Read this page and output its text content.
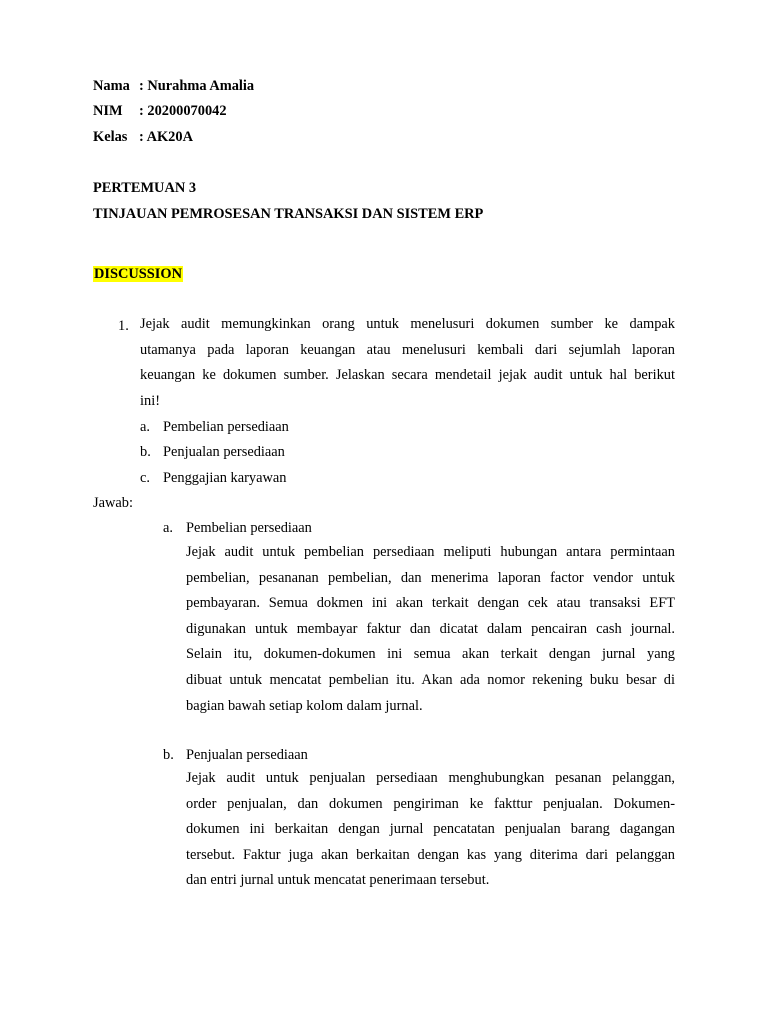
Nama : Nurahma Amalia
NIM : 20200070042
Kelas : AK20A
PERTEMUAN 3
TINJAUAN PEMROSESAN TRANSAKSI DAN SISTEM ERP
DISCUSSION
1. Jejak audit memungkinkan orang untuk menelusuri dokumen sumber ke dampak
utamanya pada laporan keuangan atau menelusuri kembali dari sejumlah laporan
keuangan ke dokumen sumber. Jelaskan secara mendetail jejak audit untuk hal berikut
ini!
a. Pembelian persediaan
b. Penjualan persediaan
c. Penggajian karyawan
Jawab:
a. Pembelian persediaan
Jejak audit untuk pembelian persediaan meliputi hubungan antara permintaan
pembelian, pesananan pembelian, dan menerima laporan factor vendor untuk
pembayaran. Semua dokmen ini akan terkait dengan cek atau transaksi EFT
digunakan untuk membayar faktur dan dicatat dalam pencairan cash journal.
Selain itu, dokumen-dokumen ini semua akan terkait dengan jurnal yang
dibuat untuk mencatat pembelian itu. Akan ada nomor rekening buku besar di
bagian bawah setiap kolom dalam jurnal.
b. Penjualan persediaan
Jejak audit untuk penjualan persediaan menghubungkan pesanan pelanggan,
order penjualan, dan dokumen pengiriman ke fakttur penjualan. Dokumen-
dokumen ini berkaitan dengan jurnal pencatatan penjualan barang dagangan
tersebut. Faktur juga akan berkaitan dengan kas yang diterima dari pelanggan
dan entri jurnal untuk mencatat penerimaan tersebut.
